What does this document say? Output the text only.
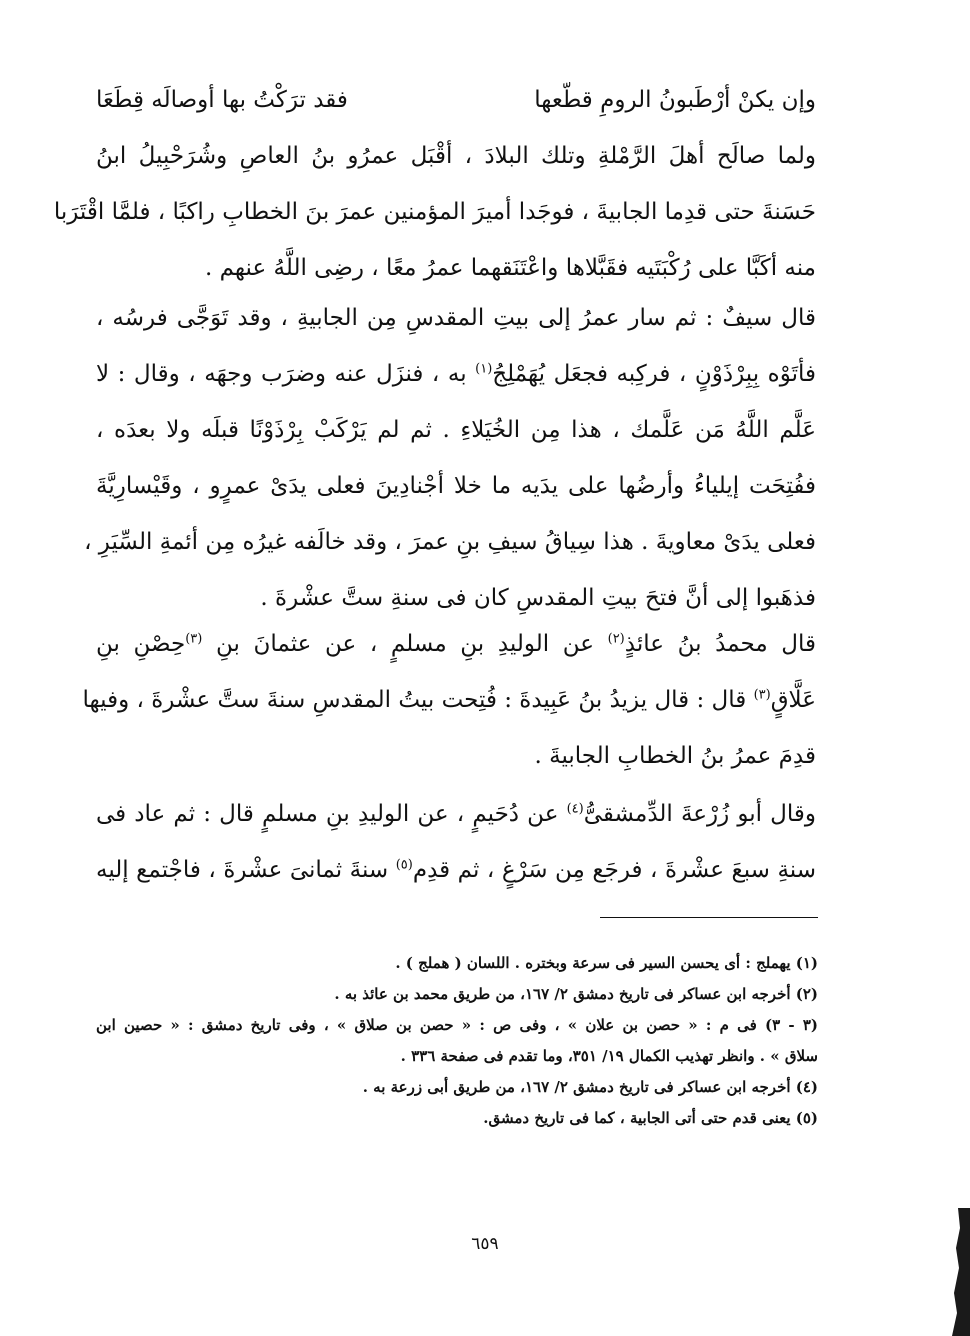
وإن يكنْ أرْطَبونُ الرومِ قطّعها
فقد ترَكْتُ بها أوصالَه قِطَعَا
ولما صالَح أهلَ الرَّمْلةِ وتلك البلادَ ، أقْبَل عمرُو بنُ العاصِ وشُرَحْبِيلُ ابنُ
حَسَنةَ حتى قدِما الجابيةَ ، فوجَدا أميرَ المؤمنين عمرَ بنَ الخطابِ راكبًا ، فلمَّا اقْتَرَبا
منه أكَبَّا على رُكْبَتَيه فقَبَّلاها واعْتَنَقهما عمرُ معًا ، رضِى اللَّهُ عنهم .
قال سيفٌ : ثم سار عمرُ إلى بيتِ المقدسِ مِن الجابيةِ ، وقد تَوَجَّى فرسُه ،
فأتَوْه بِبِرْذَوْنٍ ، فركِبه فجعَل يُهَمْلِجُ$^{(١)}$ به ، فنزَل عنه وضرَب وجهَه ، وقال : لا
عَلَّم اللَّهُ مَن عَلَّمك ، هذا مِن الخُيَلاءِ . ثم لم يَرْكَبْ بِرْذَوْنًا قبلَه ولا بعدَه ،
ففُتِحَت إيلياءُ وأرضُها على يدَيه ما خلا أجْنادِينَ فعلى يدَىْ عمرٍو ، وقَيْسارِيَّةَ
فعلى يدَىْ معاويةَ . هذا سِياقُ سيفِ بنِ عمرَ ، وقد خالَفه غيرُه مِن أئمةِ السِّيَرِ ،
فذهَبوا إلى أنَّ فتحَ بيتِ المقدسِ كان فى سنةِ ستَّ عشْرةَ .
قال محمدُ بنُ عائذٍ$^{(٢)}$ عن الوليدِ بنِ مسلمٍ ، عن عثمانَ بنِ $^{(٣)}$حِصْنِ بنِ
عَلَّاقٍ$^{(٣)}$ قال : قال يزيدُ بنُ عَبِيدةَ : فُتِحت بيتُ المقدسِ سنةَ ستَّ عشْرةَ ، وفيها
قدِمَ عمرُ بنُ الخطابِ الجابيةَ .
وقال أبو زُرْعةَ الدِّمشقىُّ$^{(٤)}$ عن دُحَيمٍ ، عن الوليدِ بنِ مسلمٍ قال : ثم عاد فى
سنةِ سبعَ عشْرةَ ، فرجَع مِن سَرْغٍ ، ثم قدِم$^{(٥)}$ سنةَ ثمانىَ عشْرةَ ، فاجْتمع إليه
(١) يهملج : أى يحسن السير فى سرعة وبختره . اللسان ( هملج ) .
(٢) أخرجه ابن عساكر فى تاريخ دمشق ٢/ ١٦٧، من طريق محمد بن عائذ به .
(٣ - ٣) فى م : « حصن بن علان » ، وفى ص : « حصن بن صلاق » ، وفى تاريخ دمشق : « حصين ابن
سلاق » . وانظر تهذيب الكمال ١٩/ ٣٥١، وما تقدم فى صفحة ٣٣٦ .
(٤) أخرجه ابن عساكر فى تاريخ دمشق ٢/ ١٦٧، من طريق أبى زرعة به .
(٥) يعنى قدم حتى أتى الجابية ، كما فى تاريخ دمشق.
٦٥٩
